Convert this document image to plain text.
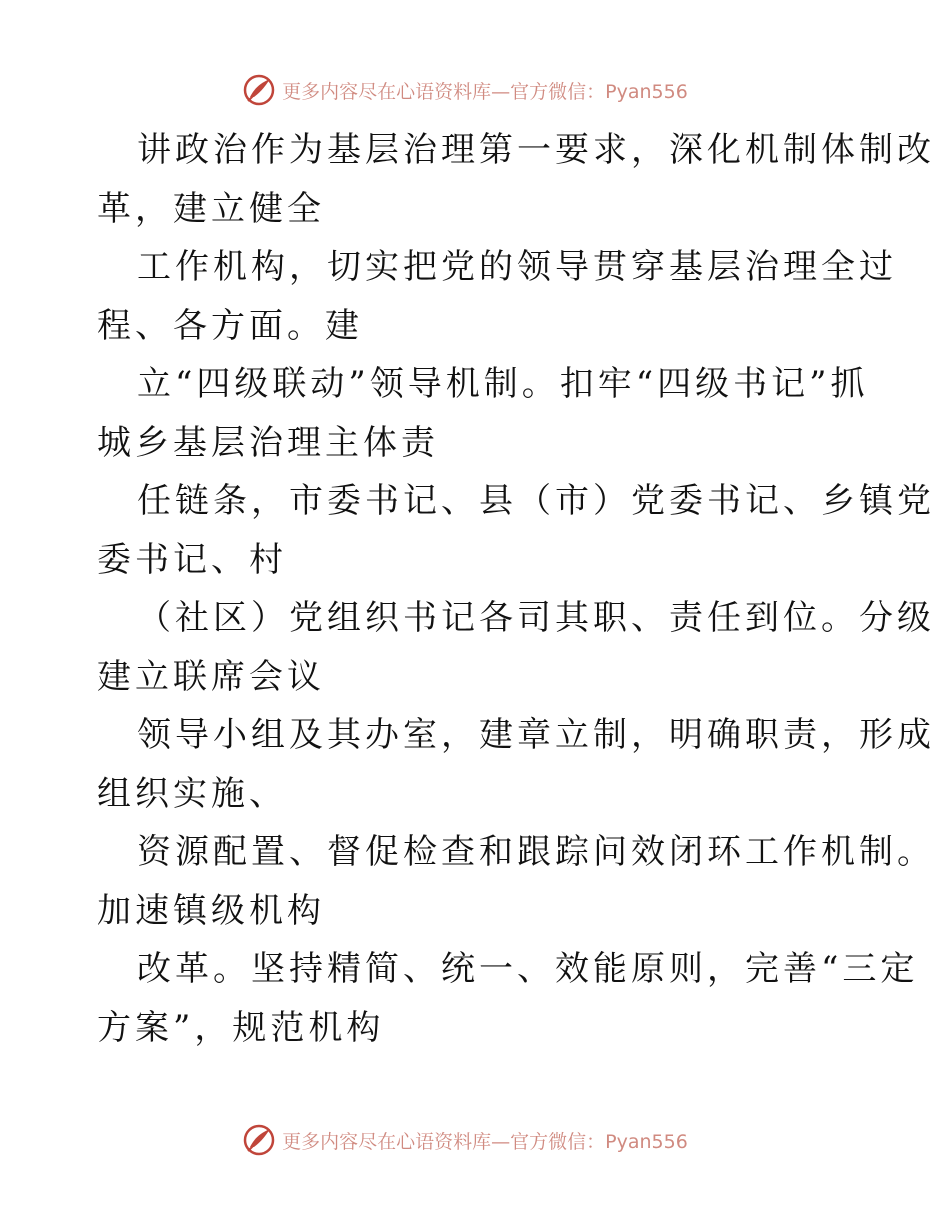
更多内容尽在心语资料库—官方微信：Pyan556
讲政治作为基层治理第一要求，深化机制体制改
革，建立健全
工作机构，切实把党的领导贯穿基层治理全过
程、各方面。建
立“四级联动”领导机制。扣牢“四级书记”抓
城乡基层治理主体责
任链条，市委书记、县（市）党委书记、乡镇党
委书记、村
（社区）党组织书记各司其职、责任到位。分级
建立联席会议
领导小组及其办室，建章立制，明确职责，形成
组织实施、
资源配置、督促检查和跟踪问效闭环工作机制。
加速镇级机构
改革。坚持精简、统一、效能原则，完善“三定
方案”，规范机构
更多内容尽在心语资料库—官方微信：Pyan556
